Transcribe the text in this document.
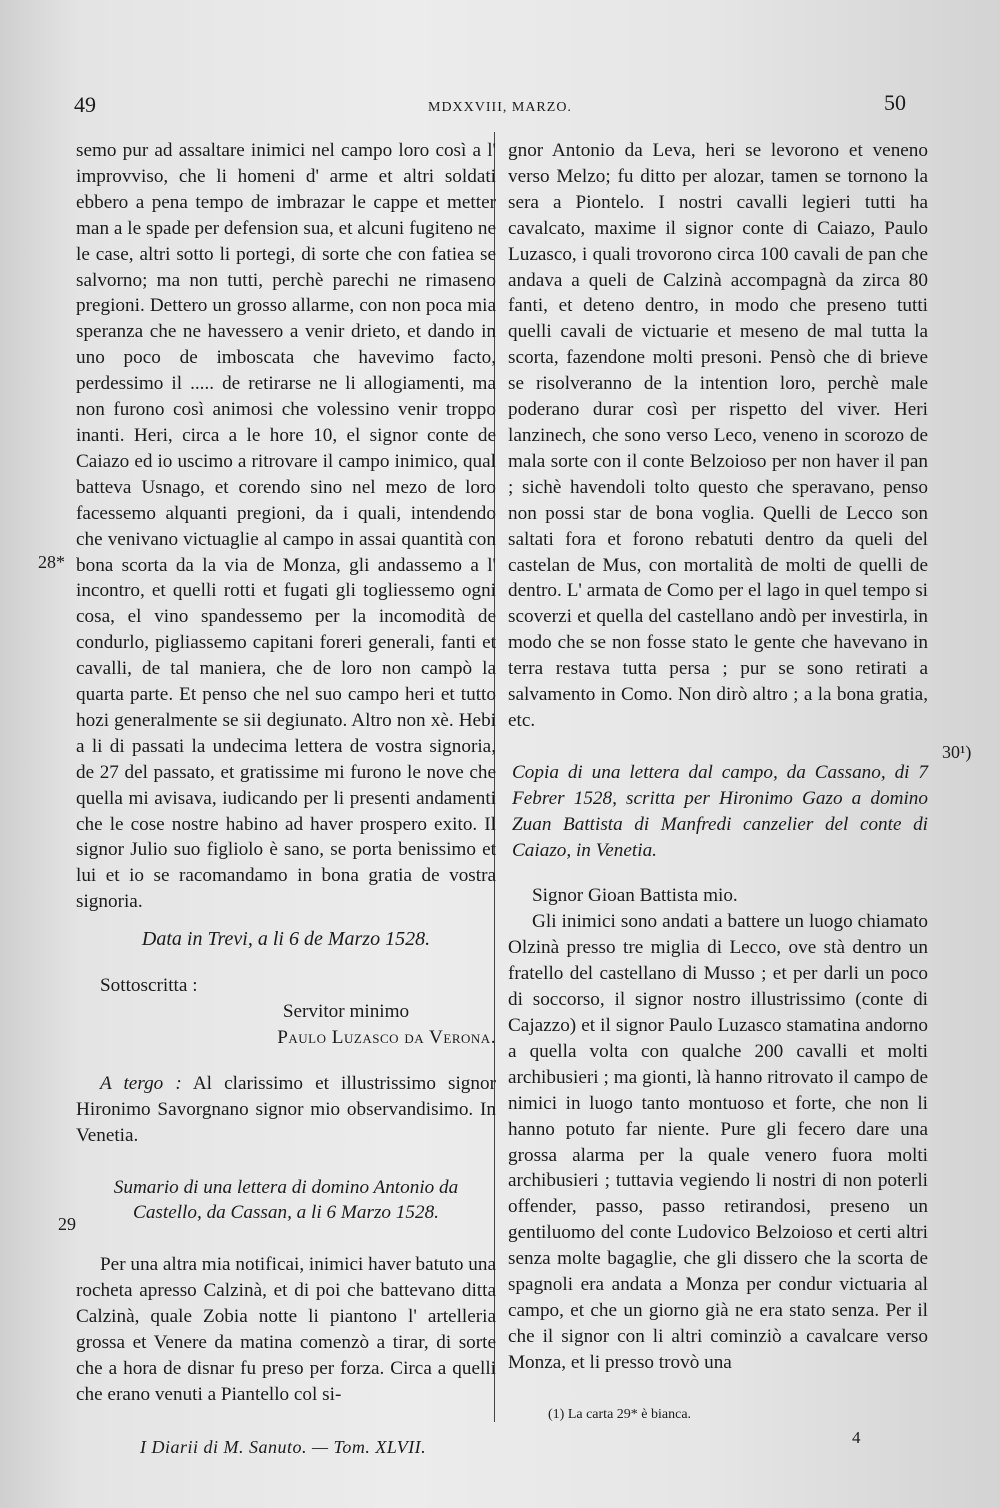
49	MDXXVIII, MARZO.	50
28*
29
30¹)

semo pur ad assaltare inimici nel campo loro così a l' improvviso, che li homeni d' arme et altri soldati ebbero a pena tempo de imbrazar le cappe et metter man a le spade per defension sua, et alcuni fugiteno ne le case, altri sotto li portegi, di sorte che con fatiea se salvorno; ma non tutti, perchè parechi ne rimaseno pregioni. Dettero un grosso allarme, con non poca mia speranza che ne havessero a venir drieto, et dando in uno poco de imboscata che havevimo facto, perdessimo il ..... de retirarse ne li allogiamenti, ma non furono così animosi che volessino venir troppo inanti. Heri, circa a le hore 10, el signor conte de Caiazo ed io uscimo a ritrovare il campo inimico, qual batteva Usnago, et corendo sino nel mezo de loro facessemo alquanti pregioni, da i quali, intendendo che venivano victuaglie al campo in assai quantità con bona scorta da la via de Monza, gli andassemo a l' incontro, et quelli rotti et fugati gli togliessemo ogni cosa, el vino spandessemo per la incomodità de condurlo, pigliassemo capitani foreri generali, fanti et cavalli, de tal maniera, che de loro non campò la quarta parte. Et penso che nel suo campo heri et tutto hozi generalmente se sii degiunato. Altro non xè. Hebi a li di passati la undecima lettera de vostra signoria, de 27 del passato, et gratissime mi furono le nove che quella mi avisava, iudicando per li presenti andamenti che le cose nostre habino ad haver prospero exito. Il signor Julio suo figliolo è sano, se porta benissimo et lui et io se racomandamo in bona gratia de vostra signoria.

Data in Trevi, a li 6 de Marzo 1528.

Sottoscritta :

Servitor minimo

Paulo Luzasco da Verona.

A tergo : Al clarissimo et illustrissimo signor Hironimo Savorgnano signor mio observandisimo. In Venetia.

Sumario di una lettera di domino Antonio da Castello, da Cassan, a li 6 Marzo 1528.

Per una altra mia notificai, inimici haver batuto una rocheta apresso Calzinà, et di poi che battevano ditta Calzinà, quale Zobia notte li piantono l' artelleria grossa et Venere da matina comenzò a tirar, di sorte che a hora de disnar fu preso per forza. Circa a quelli che erano venuti a Piantello col si-

gnor Antonio da Leva, heri se levorono et veneno verso Melzo; fu ditto per alozar, tamen se tornono la sera a Piontelo. I nostri cavalli legieri tutti ha cavalcato, maxime il signor conte di Caiazo, Paulo Luzasco, i quali trovorono circa 100 cavali de pan che andava a queli de Calzinà accompagnà da zirca 80 fanti, et deteno dentro, in modo che preseno tutti quelli cavali de victuarie et meseno de mal tutta la scorta, fazendone molti presoni. Pensò che di brieve se risolveranno de la intention loro, perchè male poderano durar così per rispetto del viver. Heri lanzinech, che sono verso Leco, veneno in scorozo de mala sorte con il conte Belzoioso per non haver il pan ; sichè havendoli tolto questo che speravano, penso non possi star de bona voglia. Quelli de Lecco son saltati fora et forono rebatuti dentro da queli del castelan de Mus, con mortalità de molti de quelli de dentro. L' armata de Como per el lago in quel tempo si scoverzi et quella del castellano andò per investirla, in modo che se non fosse stato le gente che havevano in terra restava tutta persa ; pur se sono retirati a salvamento in Como. Non dirò altro ; a la bona gratia, etc.

Copia di una lettera dal campo, da Cassano, di 7 Febrer 1528, scritta per Hironimo Gazo a domino Zuan Battista di Manfredi canzelier del conte di Caiazo, in Venetia.

Signor Gioan Battista mio.

Gli inimici sono andati a battere un luogo chiamato Olzinà presso tre miglia di Lecco, ove stà dentro un fratello del castellano di Musso ; et per darli un poco di soccorso, il signor nostro illustrissimo (conte di Cajazzo) et il signor Paulo Luzasco stamatina andorno a quella volta con qualche 200 cavalli et molti archibusieri ; ma gionti, là hanno ritrovato il campo de nimici in luogo tanto montuoso et forte, che non li hanno potuto far niente. Pure gli fecero dare una grossa alarma per la quale venero fuora molti archibusieri ; tuttavia vegiendo li nostri di non poterli offender, passo, passo retirandosi, preseno un gentiluomo del conte Ludovico Belzoioso et certi altri senza molte bagaglie, che gli dissero che la scorta de spagnoli era andata a Monza per condur victuaria al campo, et che un giorno già ne era stato senza. Per il che il signor con li altri cominziò a cavalcare verso Monza, et li presso trovò una

(1) La carta 29* è bianca.
I Diarii di M. Sanuto. — Tom. XLVII.	4
